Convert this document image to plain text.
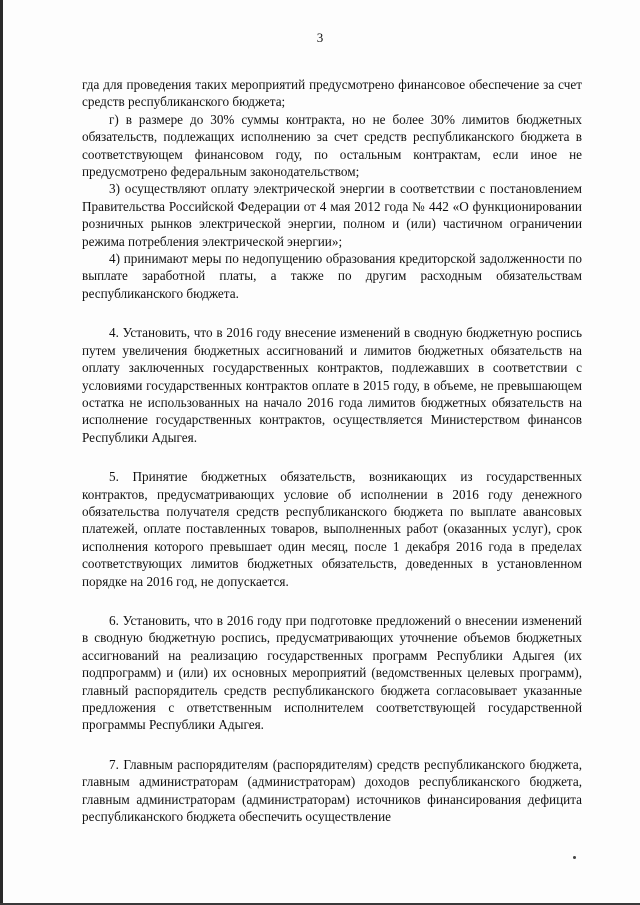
3

гда для проведения таких мероприятий предусмотрено финансовое обеспечение за счет средств республиканского бюджета;

г) в размере до 30% суммы контракта, но не более 30% лимитов бюджетных обязательств, подлежащих исполнению за счет средств республиканского бюджета в соответствующем финансовом году, по остальным контрактам, если иное не предусмотрено федеральным законодательством;

3) осуществляют оплату электрической энергии в соответствии с постановлением Правительства Российской Федерации от 4 мая 2012 года № 442 «О функционировании розничных рынков электрической энергии, полном и (или) частичном ограничении режима потребления электрической энергии»;

4) принимают меры по недопущению образования кредиторской задолженности по выплате заработной платы, а также по другим расходным обязательствам республиканского бюджета.

4. Установить, что в 2016 году внесение изменений в сводную бюджетную роспись путем увеличения бюджетных ассигнований и лимитов бюджетных обязательств на оплату заключенных государственных контрактов, подлежавших в соответствии с условиями государственных контрактов оплате в 2015 году, в объеме, не превышающем остатка не использованных на начало 2016 года лимитов бюджетных обязательств на исполнение государственных контрактов, осуществляется Министерством финансов Республики Адыгея.

5. Принятие бюджетных обязательств, возникающих из государственных контрактов, предусматривающих условие об исполнении в 2016 году денежного обязательства получателя средств республиканского бюджета по выплате авансовых платежей, оплате поставленных товаров, выполненных работ (оказанных услуг), срок исполнения которого превышает один месяц, после 1 декабря 2016 года в пределах соответствующих лимитов бюджетных обязательств, доведенных в установленном порядке на 2016 год, не допускается.

6. Установить, что в 2016 году при подготовке предложений о внесении изменений в сводную бюджетную роспись, предусматривающих уточнение объемов бюджетных ассигнований на реализацию государственных программ Республики Адыгея (их подпрограмм) и (или) их основных мероприятий (ведомственных целевых программ), главный распорядитель средств республиканского бюджета согласовывает указанные предложения с ответственным исполнителем соответствующей государственной программы Республики Адыгея.

7. Главным распорядителям (распорядителям) средств республиканского бюджета, главным администраторам (администраторам) доходов республиканского бюджета, главным администраторам (администраторам) источников финансирования дефицита республиканского бюджета обеспечить осуществление
